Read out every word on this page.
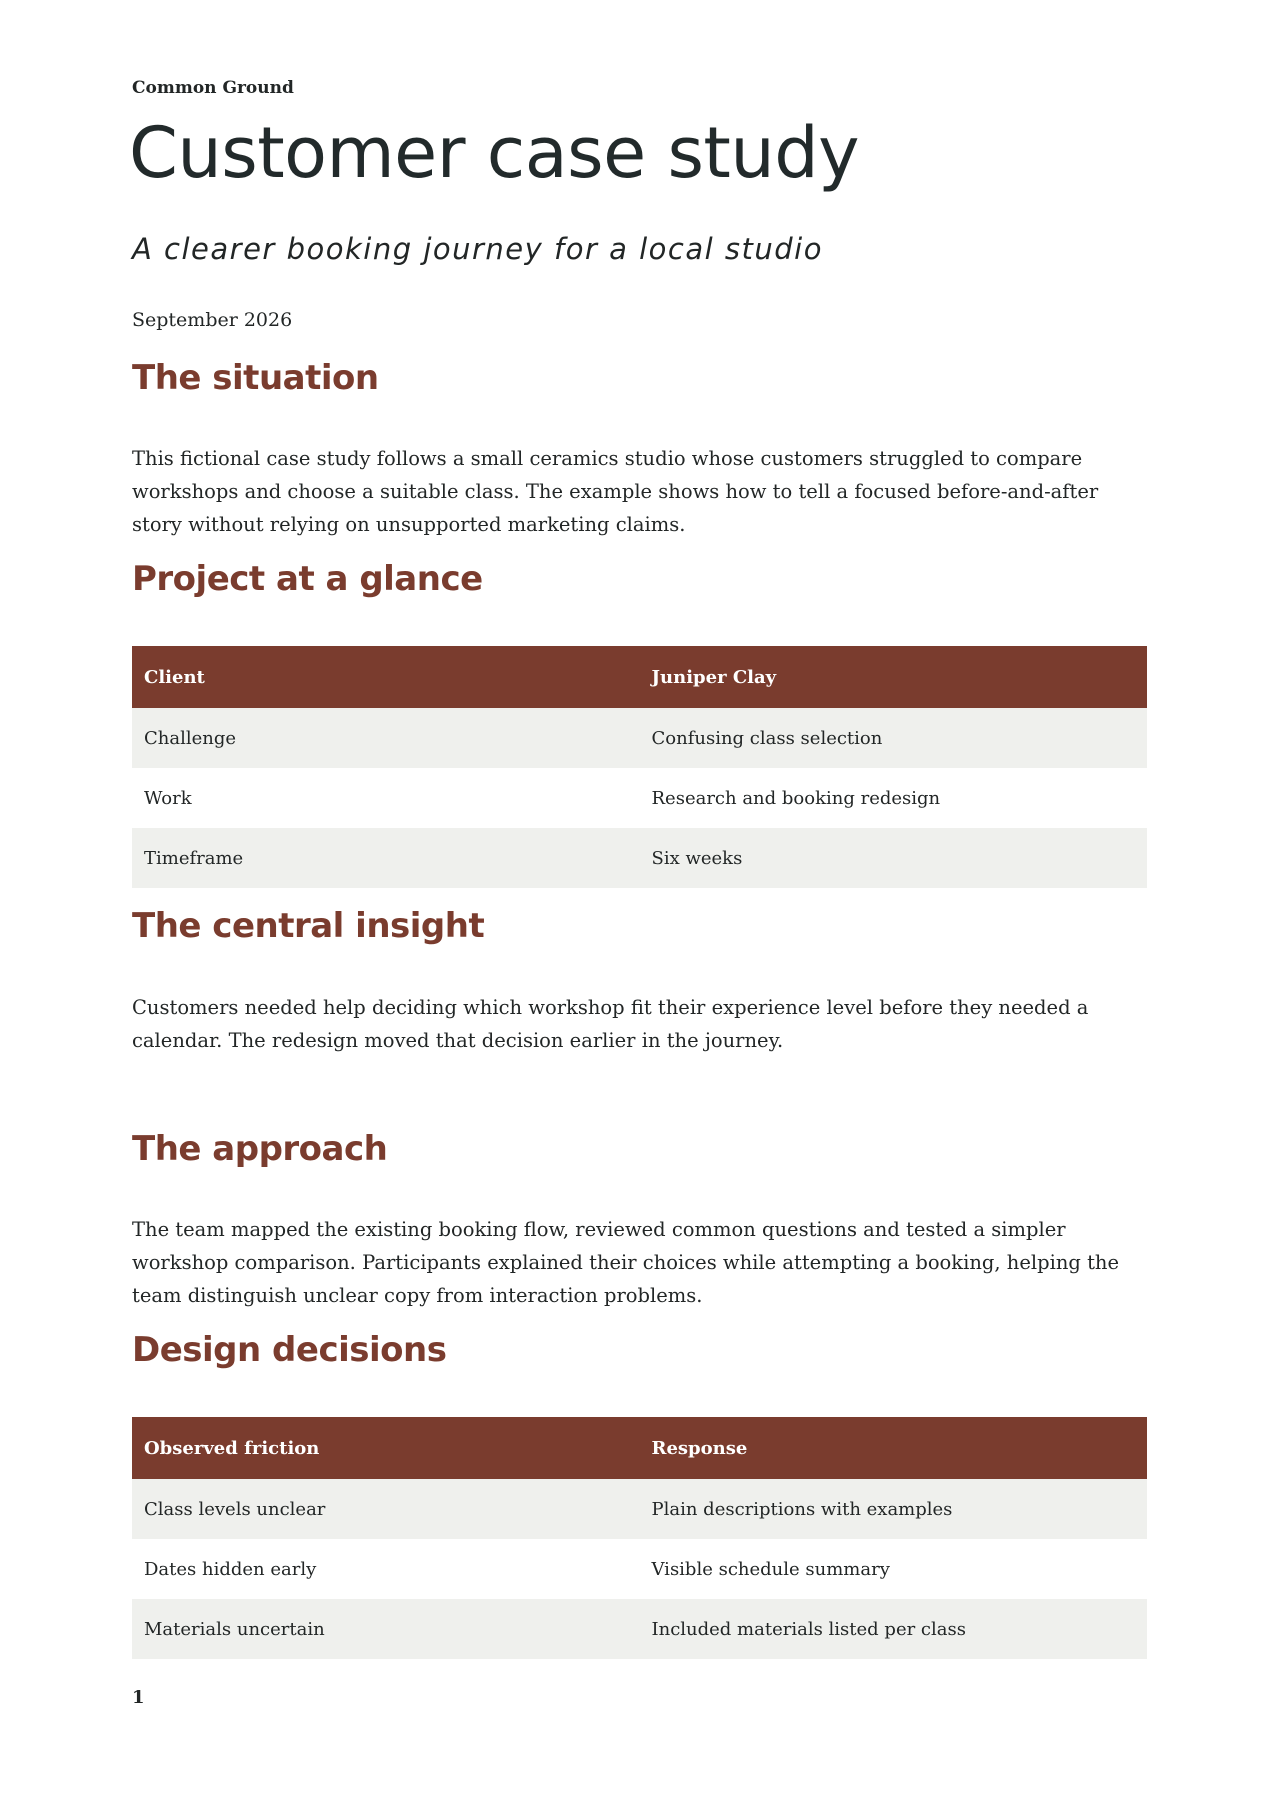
Common Ground
Customer case study
A clearer booking journey for a local studio
September 2026
The situation

This fictional case study follows a small ceramics studio whose customers struggled to compare workshops and choose a suitable class. The example shows how to tell a focused before-and-after story without relying on unsupported marketing claims.

Project at a glance
Client	Juniper Clay
Challenge	Confusing class selection
Work	Research and booking redesign
Timeframe	Six weeks
The central insight

Customers needed help deciding which workshop fit their experience level before they needed a calendar. The redesign moved that decision earlier in the journey.

The approach

The team mapped the existing booking flow, reviewed common questions and tested a simpler workshop comparison. Participants explained their choices while attempting a booking, helping the team distinguish unclear copy from interaction problems.

Design decisions
Observed friction	Response
Class levels unclear	Plain descriptions with examples
Dates hidden early	Visible schedule summary
Materials uncertain	Included materials listed per class
1
